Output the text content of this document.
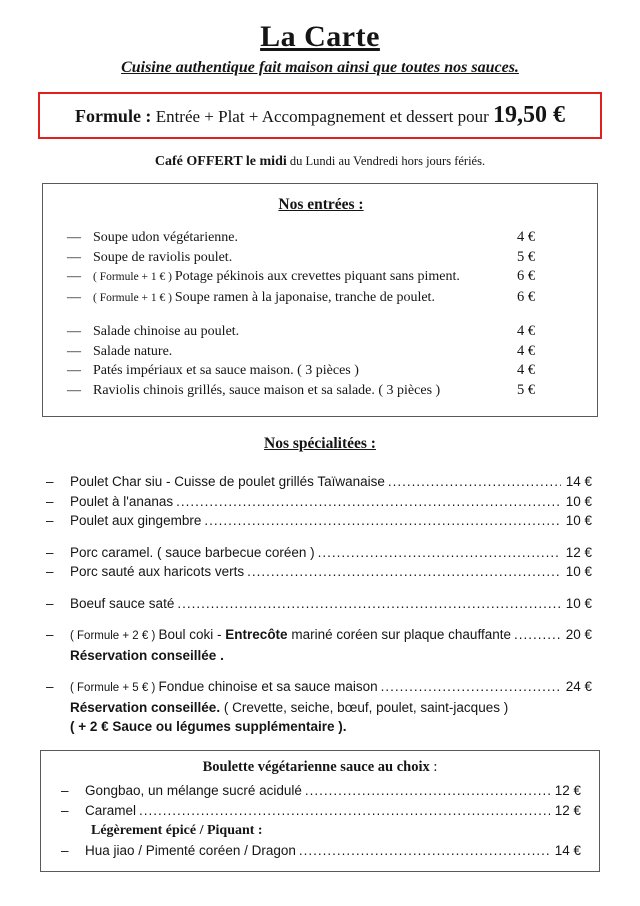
La Carte
Cuisine authentique fait maison ainsi que toutes nos sauces.
Formule : Entrée + Plat + Accompagnement et dessert pour 19,50 €
Café OFFERT le midi du Lundi au Vendredi hors jours fériés.
Nos entrées :
—
Soupe udon végétarienne.	4 €
—
Soupe de raviolis poulet.	5 €
—
( Formule + 1 € ) Potage pékinois aux crevettes piquant sans piment.	6 €
—
( Formule + 1 € ) Soupe ramen à la japonaise, tranche de poulet.	6 €
—
Salade chinoise au poulet.	4 €
—
Salade nature.	4 €
—
Patés impériaux et sa sauce maison. ( 3 pièces )	4 €
—
Raviolis chinois grillés, sauce maison et sa salade. ( 3 pièces )	5 €
Nos spécialitées :
–
Poulet Char siu - Cuisse de poulet grillés Taïwanaise .....	14 €
–
Poulet à l'ananas .....	10 €
–
Poulet aux gingembre .....	10 €
–
Porc caramel. ( sauce barbecue coréen ) .....	12 €
–
Porc sauté aux haricots verts .....	10 €
–
Boeuf sauce saté .....	10 €
–
( Formule + 2 € ) Boul coki - Entrecôte mariné coréen sur plaque chauffante .....	20 €
Réservation conseillée .
–
( Formule + 5 € ) Fondue chinoise et sa sauce maison .....	24 €
Réservation conseillée. ( Crevette, seiche, bœuf, poulet, saint-jacques )
( + 2 € Sauce ou légumes supplémentaire ).
Boulette végétarienne sauce au choix :
–
Gongbao, un mélange sucré acidulé .....	12 €
–
Caramel .....	12 €
Légèrement épicé / Piquant :
–
Hua jiao / Pimenté coréen / Dragon .....	14 €
